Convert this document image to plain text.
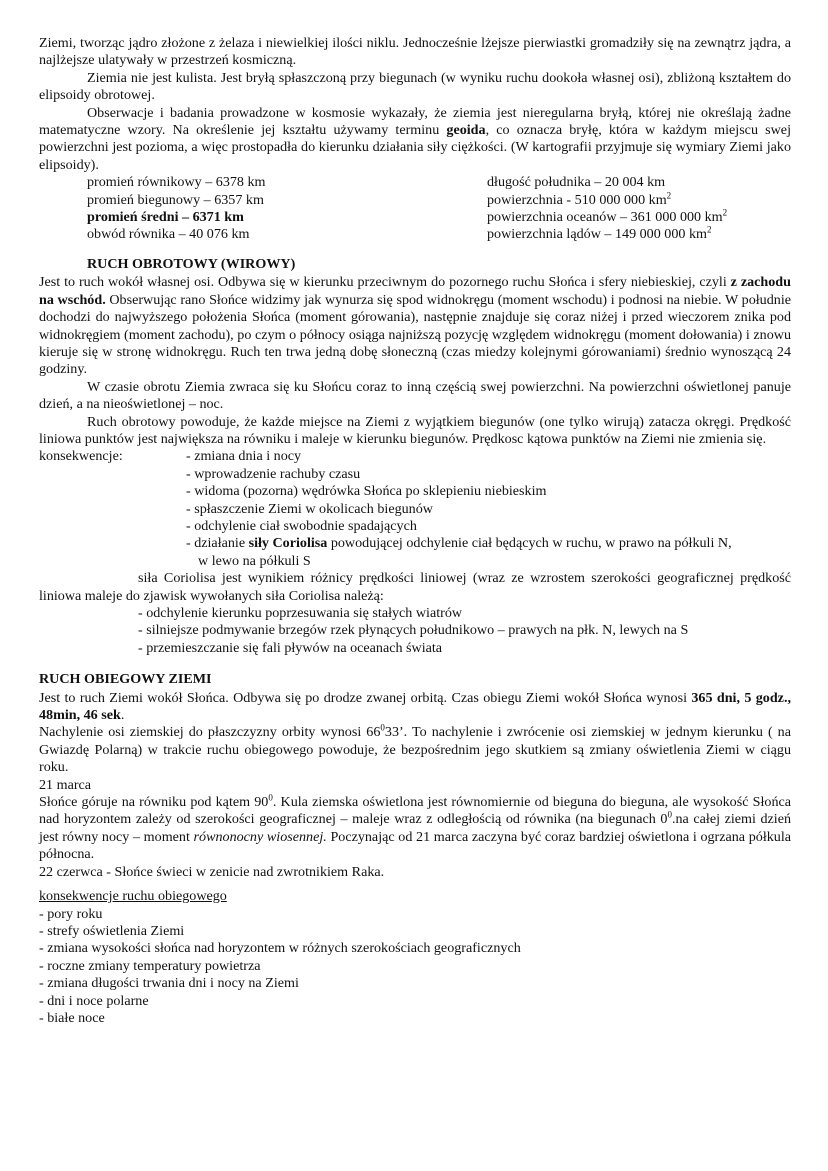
Ziemi, tworząc jądro złożone z żelaza i niewielkiej ilości niklu. Jednocześnie lżejsze pierwiastki gromadziły się na zewnątrz jądra, a najlżejsze ulatywały w przestrzeń kosmiczną.

Ziemia nie jest kulista. Jest bryłą spłaszczoną przy biegunach (w wyniku ruchu dookoła własnej osi), zbliżoną kształtem do elipsoidy obrotowej.

Obserwacje i badania prowadzone w kosmosie wykazały, że ziemia jest nieregularna bryłą, której nie określają żadne matematyczne wzory. Na określenie jej kształtu używamy terminu geoida, co oznacza bryłę, która w każdym miejscu swej powierzchni jest pozioma, a więc prostopadła do kierunku działania siły ciężkości. (W kartografii przyjmuje się wymiary Ziemi jako elipsoidy).

promień równikowy – 6378 km
promień biegunowy – 6357 km
promień średni – 6371 km
obwód równika – 40 076 km
długość południka – 20 004 km
powierzchnia - 510 000 000 $km^2$
powierzchnia oceanów – 361 000 000 $km^2$
powierzchnia lądów – 149 000 000 $km^2$
RUCH OBROTOWY (WIROWY)

Jest to ruch wokół własnej osi. Odbywa się w kierunku przeciwnym do pozornego ruchu Słońca i sfery niebieskiej, czyli z zachodu na wschód. Obserwując rano Słońce widzimy jak wynurza się spod widnokręgu (moment wschodu) i podnosi na niebie. W południe dochodzi do najwyższego położenia Słońca (moment górowania), następnie znajduje się coraz niżej i przed wieczorem znika pod widnokręgiem (moment zachodu), po czym o północy osiąga najniższą pozycję względem widnokręgu (moment dołowania) i znowu kieruje się w stronę widnokręgu. Ruch ten trwa jedną dobę słoneczną (czas miedzy kolejnymi górowaniami) średnio wynoszącą 24 godziny.

W czasie obrotu Ziemia zwraca się ku Słońcu coraz to inną częścią swej powierzchni. Na powierzchni oświetlonej panuje dzień, a na nieoświetlonej – noc.

Ruch obrotowy powoduje, że każde miejsce na Ziemi z wyjątkiem biegunów (one tylko wirują) zatacza okręgi. Prędkość liniowa punktów jest największa na równiku i maleje w kierunku biegunów. Prędkosc kątowa punktów na Ziemi nie zmienia się.

konsekwencje:	- zmiana dnia i nocy
- wprowadzenie rachuby czasu
- widoma (pozorna) wędrówka Słońca po sklepieniu niebieskim
- spłaszczenie Ziemi w okolicach biegunów
- odchylenie ciał swobodnie spadających
- działanie siły Coriolisa powodującej odchylenie ciał będących w ruchu, w prawo na półkuli N,
w lewo na półkuli S

siła Coriolisa jest wynikiem różnicy prędkości liniowej (wraz ze wzrostem szerokości geograficznej prędkość liniowa maleje do zjawisk wywołanych siła Coriolisa należą:

- odchylenie kierunku poprzesuwania się stałych wiatrów
- silniejsze podmywanie brzegów rzek płynących południkowo – prawych na płk. N, lewych na S
- przemieszczanie się fali pływów na oceanach świata
RUCH OBIEGOWY ZIEMI

Jest to ruch Ziemi wokół Słońca. Odbywa się po drodze zwanej orbitą. Czas obiegu Ziemi wokół Słońca wynosi 365 dni, 5 godz., 48min, 46 sek.

Nachylenie osi ziemskiej do płaszczyzny orbity wynosi $66^033$’. To nachylenie i zwrócenie osi ziemskiej w jednym kierunku ( na Gwiazdę Polarną) w trakcie ruchu obiegowego powoduje, że bezpośrednim jego skutkiem są zmiany oświetlenia Ziemi w ciągu roku.

21 marca

Słońce góruje na równiku pod kątem $90^0$. Kula ziemska oświetlona jest równomiernie od bieguna do bieguna, ale wysokość Słońca nad horyzontem zależy od szerokości geograficznej – maleje wraz z odległością od równika (na biegunach $0^0.na$ całej ziemi dzień jest równy nocy – moment równonocny wiosennej. Poczynając od 21 marca zaczyna być coraz bardziej oświetlona i ogrzana półkula północna.

22 czerwca - Słońce świeci w zenicie nad zwrotnikiem Raka.
konsekwencje ruchu obiegowego
- pory roku
- strefy oświetlenia Ziemi
- zmiana wysokości słońca nad horyzontem w różnych szerokościach geograficznych
- roczne zmiany temperatury powietrza
- zmiana długości trwania dni i nocy na Ziemi
- dni i noce polarne
- białe noce
